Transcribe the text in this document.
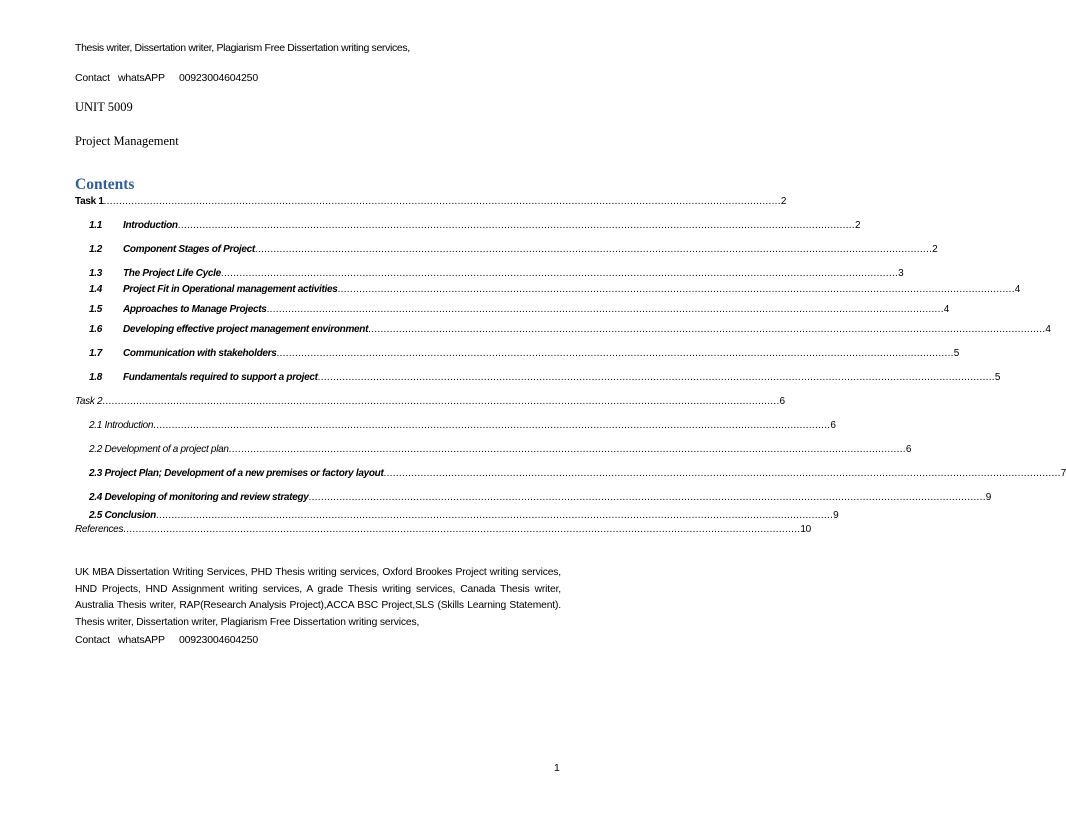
Thesis writer, Dissertation writer, Plagiarism Free Dissertation writing services,
Contact   whatsAPP 00923004604250
UNIT 5009
Project Management
Contents
Task 1 ............................................................................................................................................................................................................................ 2
1.1	Introduction ............................................................................................................................................................................................................................ 2
1.2	Component Stages of Project ............................................................................................................................................................................................................................ 2
1.3	The Project Life Cycle ............................................................................................................................................................................................................................ 3
1.4	Project Fit in Operational management activities ............................................................................................................................................................................................................................ 4
1.5	Approaches to Manage Projects ............................................................................................................................................................................................................................ 4
1.6	Developing effective project management environment ............................................................................................................................................................................................................................ 4
1.7	Communication with stakeholders ............................................................................................................................................................................................................................ 5
1.8	Fundamentals required to support a project ............................................................................................................................................................................................................................ 5
Task 2 ............................................................................................................................................................................................................................ 6
2.1 Introduction ............................................................................................................................................................................................................................ 6
2.2 Development of a project plan ............................................................................................................................................................................................................................ 6
2.3 Project Plan; Development of a new premises or factory layout ............................................................................................................................................................................................................................ 7
2.4 Developing of monitoring and review strategy ............................................................................................................................................................................................................................ 9
2.5 Conclusion ............................................................................................................................................................................................................................ 9
References ............................................................................................................................................................................................................................ 10
UK MBA Dissertation Writing Services, PHD Thesis writing services, Oxford Brookes Project writing services, HND Projects, HND Assignment writing services, A grade Thesis writing services, Canada Thesis writer, Australia Thesis writer, RAP(Research Analysis Project),ACCA BSC Project,SLS (Skills Learning Statement). Thesis writer, Dissertation writer, Plagiarism Free Dissertation writing services,
Contact   whatsAPP 00923004604250
1
